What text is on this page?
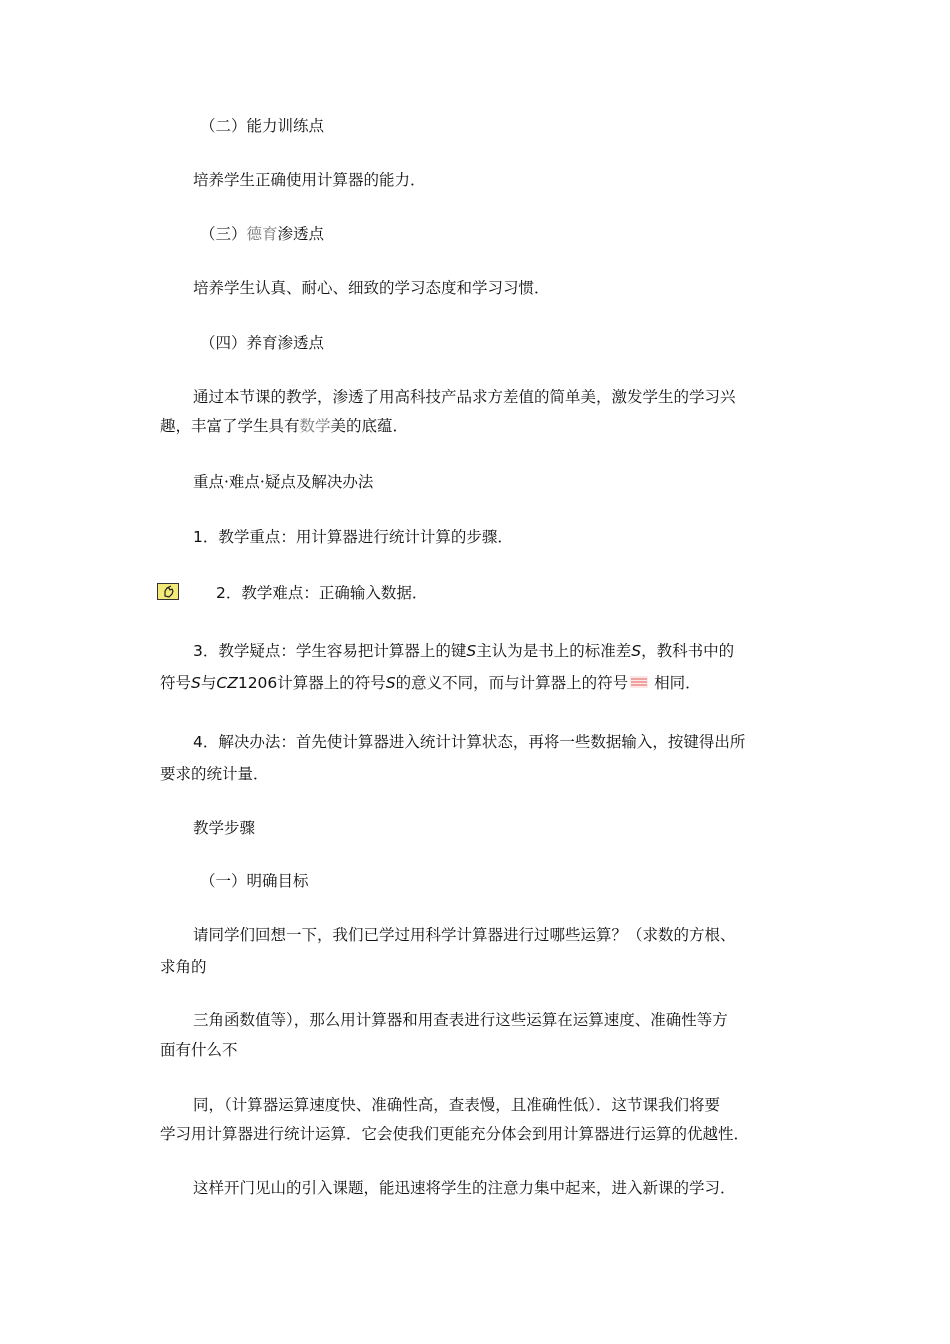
（二）能力训练点

培养学生正确使用计算器的能力．

（三）德育渗透点

培养学生认真、耐心、细致的学习态度和学习习惯．

（四）养育渗透点

通过本节课的教学，渗透了用高科技产品求方差值的简单美，激发学生的学习兴

趣，丰富了学生具有数学美的底蕴．

重点·难点·疑点及解决办法

1．教学重点：用计算器进行统计计算的步骤．

2．教学难点：正确输入数据．

3．教学疑点：学生容易把计算器上的键S主认为是书上的标准差S，教科书中的

符号S与CZ1206计算器上的符号S的意义不同，而与计算器上的符号 相同．

4．解决办法：首先使计算器进入统计计算状态，再将一些数据输入，按键得出所

要求的统计量．

教学步骤

（一）明确目标

请同学们回想一下，我们已学过用科学计算器进行过哪些运算？（求数的方根、

求角的

三角函数值等），那么用计算器和用查表进行这些运算在运算速度、准确性等方

面有什么不

同，（计算器运算速度快、准确性高，查表慢，且准确性低）．这节课我们将要

学习用计算器进行统计运算．它会使我们更能充分体会到用计算器进行运算的优越性．

这样开门见山的引入课题，能迅速将学生的注意力集中起来，进入新课的学习．
